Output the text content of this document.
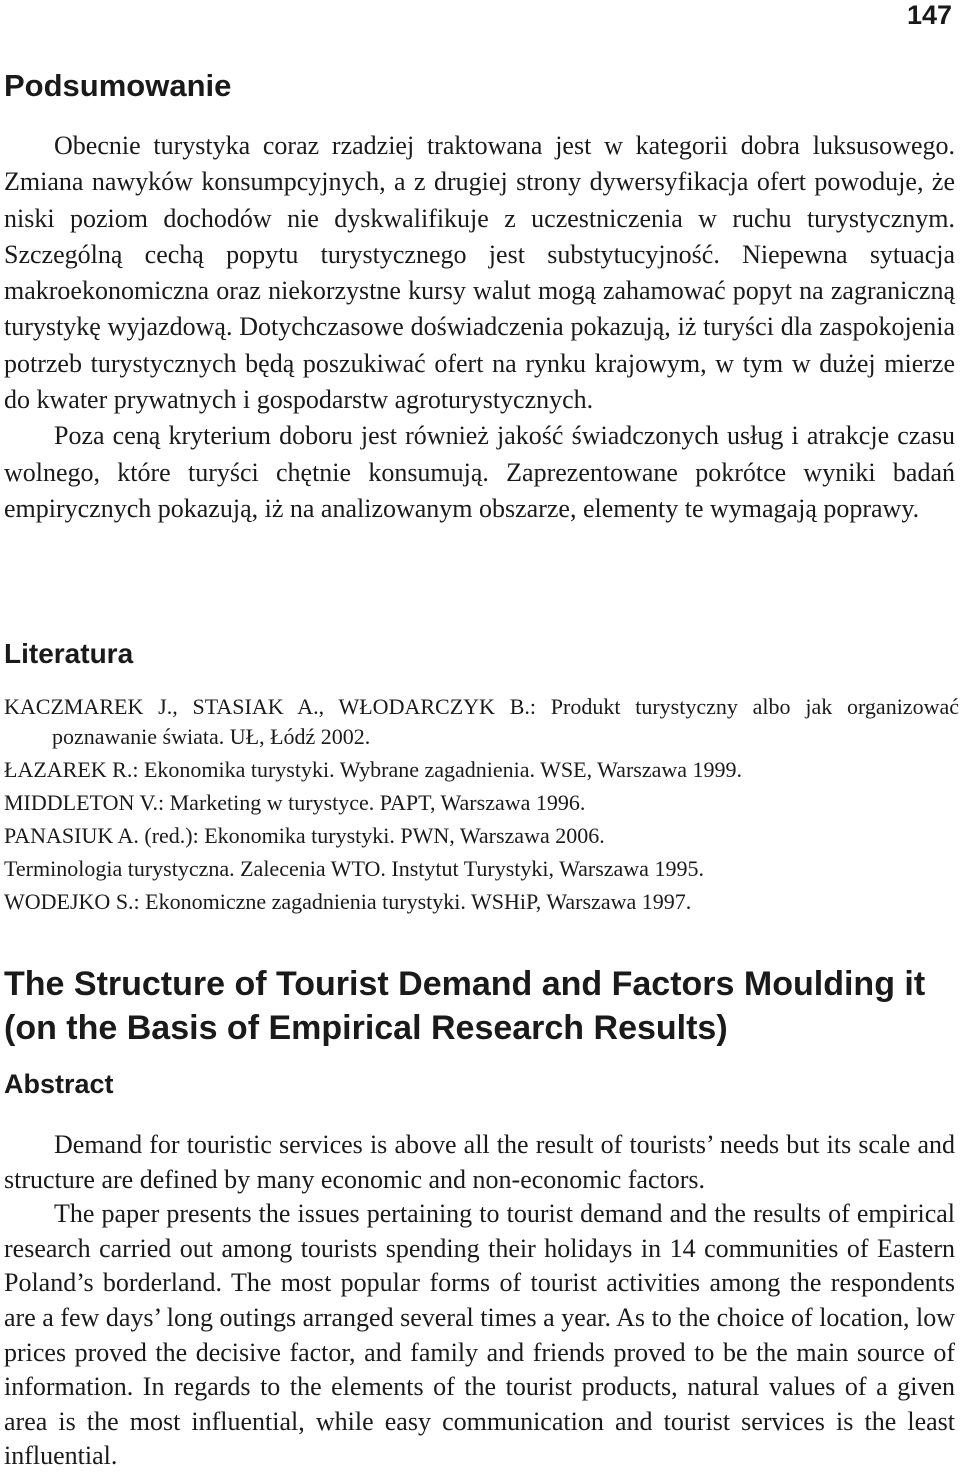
147
Podsumowanie

Obecnie turystyka coraz rzadziej traktowana jest w kategorii dobra luksusowego. Zmiana nawyków konsumpcyjnych, a z drugiej strony dywersyfikacja ofert powoduje, że niski poziom dochodów nie dyskwalifikuje z uczestniczenia w ruchu turystycznym. Szczególną cechą popytu turystycznego jest substytucyjność. Niepewna sytuacja makroekonomiczna oraz niekorzystne kursy walut mogą zahamować popyt na zagraniczną turystykę wyjazdową. Dotychczasowe doświadczenia pokazują, iż turyści dla zaspokojenia potrzeb turystycznych będą poszukiwać ofert na rynku krajowym, w tym w dużej mierze do kwater prywatnych i gospodarstw agroturystycznych.

Poza ceną kryterium doboru jest również jakość świadczonych usług i atrakcje czasu wolnego, które turyści chętnie konsumują. Zaprezentowane pokrótce wyniki badań empirycznych pokazują, iż na analizowanym obszarze, elementy te wymagają poprawy.

Literatura
KACZMAREK J., STASIAK A., WŁODARCZYK B.: Produkt turystyczny albo jak organizować poznawanie świata. UŁ, Łódź 2002.
ŁAZAREK R.: Ekonomika turystyki. Wybrane zagadnienia. WSE, Warszawa 1999.
MIDDLETON V.: Marketing w turystyce. PAPT, Warszawa 1996.
PANASIUK A. (red.): Ekonomika turystyki. PWN, Warszawa 2006.
Terminologia turystyczna. Zalecenia WTO. Instytut Turystyki, Warszawa 1995.
WODEJKO S.: Ekonomiczne zagadnienia turystyki. WSHiP, Warszawa 1997.
The Structure of Tourist Demand and Factors Moulding it (on the Basis of Empirical Research Results)
Abstract

Demand for touristic services is above all the result of tourists’ needs but its scale and structure are defined by many economic and non-economic factors.

The paper presents the issues pertaining to tourist demand and the results of empirical research carried out among tourists spending their holidays in 14 communities of Eastern Poland’s borderland. The most popular forms of tourist activities among the respondents are a few days’ long outings arranged several times a year. As to the choice of location, low prices proved the decisive factor, and family and friends proved to be the main source of information. In regards to the elements of the tourist products, natural values of a given area is the most influential, while easy communication and tourist services is the least influential.
